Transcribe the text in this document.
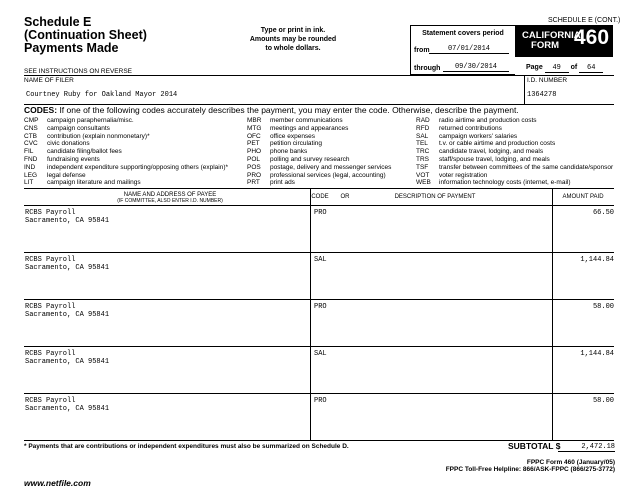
Schedule E
(Continuation Sheet)
Payments Made
Type or print in ink.
Amounts may be rounded
to whole dollars.
SCHEDULE E (CONT.)
Statement covers period
from	07/01/2014
through	09/30/2014
CALIFORNIA
FORM 460
Page 49 of 64
SEE INSTRUCTIONS ON REVERSE
NAME OF FILER	I.D. NUMBER
Courtney Ruby for Oakland Mayor 2014	1364278
CODES: If one of the following codes accurately describes the payment, you may enter the code. Otherwise, describe the payment.
CMP campaign paraphernalia/misc.
CNS campaign consultants
CTB contribution (explain nonmonetary)*
CVC civic donations
FIL candidate filing/ballot fees
FND fundraising events
IND independent expenditure supporting/opposing others (explain)*
LEG legal defense
LIT campaign literature and mailings
MBR member communications
MTG meetings and appearances
OFC office expenses
PET petition circulating
PHO phone banks
POL polling and survey research
POS postage, delivery and messenger services
PRO professional services (legal, accounting)
PRT print ads
RAD radio airtime and production costs
RFD returned contributions
SAL campaign workers' salaries
TEL t.v. or cable airtime and production costs
TRC candidate travel, lodging, and meals
TRS staff/spouse travel, lodging, and meals
TSF transfer between committees of the same candidate/sponsor
VOT voter registration
WEB information technology costs (internet, e-mail)
NAME AND ADDRESS OF PAYEE
(IF COMMITTEE, ALSO ENTER I.D. NUMBER)
CODE	OR	DESCRIPTION OF PAYMENT	AMOUNT PAID
RCBS Payroll
Sacramento, CA 95841
PRO	66.50
RCBS Payroll
Sacramento, CA 95841
SAL	1,144.84
RCBS Payroll
Sacramento, CA 95841
PRO	58.00
RCBS Payroll
Sacramento, CA 95841
SAL	1,144.84
RCBS Payroll
Sacramento, CA 95841
PRO	58.00
* Payments that are contributions or independent expenditures must also be summarized on Schedule D.	SUBTOTAL $	2,472.18
FPPC Form 460 (January/05)
FPPC Toll-Free Helpline: 866/ASK-FPPC (866/275-3772)
www.netfile.com
